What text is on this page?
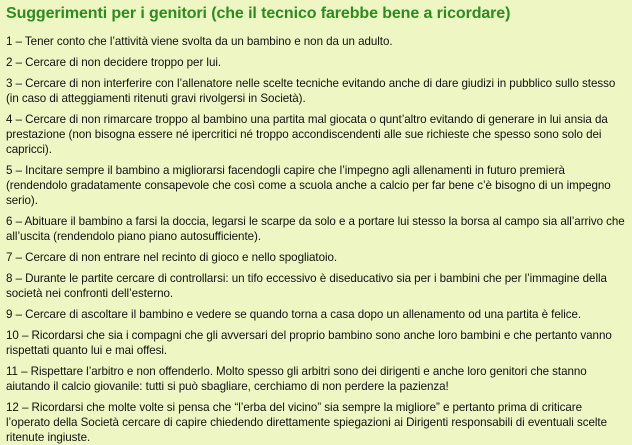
Suggerimenti per i genitori (che il tecnico farebbe bene a ricordare)
1 – Tener conto che l’attività viene svolta da un bambino e non da un adulto.
2 – Cercare di non decidere troppo per lui.
3 – Cercare di non interferire con l’allenatore nelle scelte tecniche evitando anche di dare giudizi in pubblico sullo stesso (in caso di atteggiamenti ritenuti gravi rivolgersi in Società).
4 – Cercare di non rimarcare troppo al bambino una partita mal giocata o qunt’altro evitando di generare in lui ansia da prestazione (non bisogna essere né ipercritici né troppo accondiscendenti alle sue richieste che spesso sono solo dei capricci).
5 – Incitare sempre il bambino a migliorarsi facendogli capire che l’impegno agli allenamenti in futuro premierà (rendendolo gradatamente consapevole che così come a scuola anche a calcio per far bene c’è bisogno di un impegno serio).
6 – Abituare il bambino a farsi la doccia, legarsi le scarpe da solo e a portare lui stesso la borsa al campo sia all’arrivo che all’uscita (rendendolo piano piano autosufficiente).
7 – Cercare di non entrare nel recinto di gioco e nello spogliatoio.
8 – Durante le partite cercare di controllarsi: un tifo eccessivo è diseducativo sia per i bambini che per l’immagine della società nei confronti dell’esterno.
9 – Cercare di ascoltare il bambino e vedere se quando torna a casa dopo un allenamento od una partita è felice.
10 – Ricordarsi che sia i compagni che gli avversari del proprio bambino sono anche loro bambini e che pertanto vanno rispettati quanto lui e mai offesi.
11 – Rispettare l’arbitro e non offenderlo. Molto spesso gli arbitri sono dei dirigenti e anche loro genitori che stanno aiutando il calcio giovanile: tutti si può sbagliare, cerchiamo di non perdere la pazienza!
12 – Ricordarsi che molte volte si pensa che “l’erba del vicino” sia sempre la migliore” e pertanto prima di criticare l’operato della Società cercare di capire chiedendo direttamente spiegazioni ai Dirigenti responsabili di eventuali scelte ritenute ingiuste.
